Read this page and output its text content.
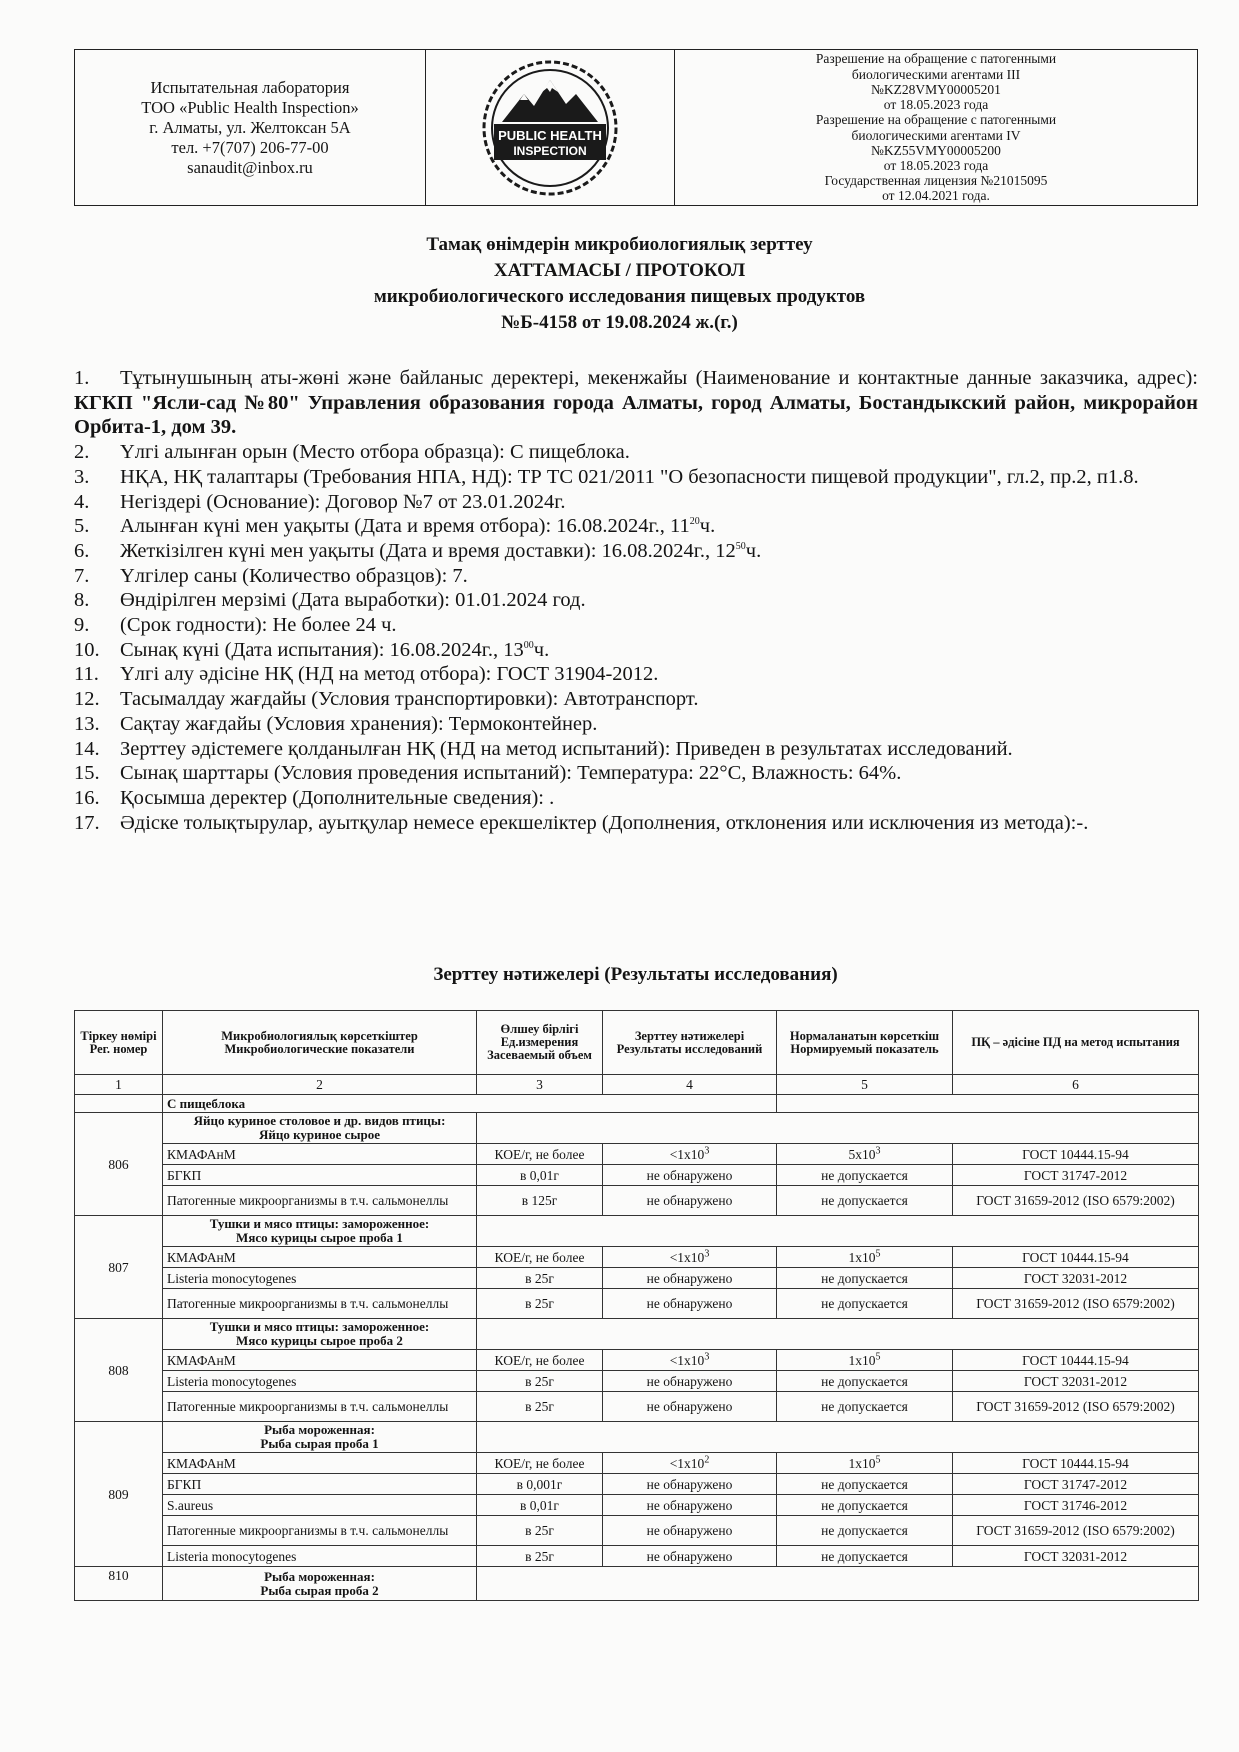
Испытательная лаборатория
ТОО «Public Health Inspection»
г. Алматы, ул. Желтоксан 5А
тел. +7(707) 206-77-00
sanaudit@inbox.ru
PUBLIC HEALTH
INSPECTION
Разрешение на обращение с патогенными
биологическими агентами III
№KZ28VMY00005201
от 18.05.2023 года
Разрешение на обращение с патогенными
биологическими агентами IV
№KZ55VMY00005200
от 18.05.2023 года
Государственная лицензия №21015095
от 12.04.2021 года.
Тамақ өнімдерін микробиологиялық зерттеу
ХАТТАМАСЫ / ПРОТОКОЛ
микробиологического исследования пищевых продуктов
№Б-4158 от 19.08.2024 ж.(г.)
1. Тұтынушының аты-жөні және байланыс деректері, мекенжайы (Наименование и контактные данные заказчика, адрес): КГКП "Ясли-сад №80" Управления образования города Алматы, город Алматы, Бостандыкский район, микрорайон Орбита-1, дом 39.
2. Үлгі алынған орын (Место отбора образца): С пищеблока.
3. НҚА, НҚ талаптары (Требования НПА, НД): ТР ТС 021/2011 "О безопасности пищевой продукции", гл.2, пр.2, п1.8.
4. Негiздерi (Основание): Договор №7 от 23.01.2024г.
5. Алынған күні мен уақыты (Дата и время отбора): 16.08.2024г., $11^{20}ч$.
6. Жеткізілген күні мен уақыты (Дата и время доставки): 16.08.2024г., $12^{50}ч$.
7. Үлгілер саны (Количество образцов): 7.
8. Өндірілген мерзімі (Дата выработки): 01.01.2024 год.
9. (Срок годности): Не более 24 ч.
10. Сынақ күні (Дата испытания): 16.08.2024г., $13^{00}ч$.
11. Үлгі алу әдісіне НҚ (НД на метод отбора): ГОСТ 31904-2012.
12. Тасымалдау жағдайы (Условия транспортировки): Автотранспорт.
13. Сақтау жағдайы (Условия хранения): Термоконтейнер.
14. Зерттеу әдістемеге қолданылған НҚ (НД на метод испытаний): Приведен в результатах исследований.
15. Сынақ шарттары (Условия проведения испытаний): Температура: 22°С, Влажность: 64%.
16. Қосымша деректер (Дополнительные сведения): .
17. Әдіске толықтырулар, ауытқулар немесе ерекшеліктер (Дополнения, отклонения или исключения из метода):-.
Зерттеу нәтижелері (Результаты исследования)
Тіркеу нөмірі Рег. номер	Микробиологиялық көрсеткіштер Микробиологические показатели	Өлшеу бірлігі Ед.измерения Засеваемый объем	Зерттеу нәтижелері Результаты исследований	Нормаланатын көрсеткіш Нормируемый показатель	ПҚ – әдісіне ПД на метод испытания
1	2	3	4	5	6
	С пищеблока				
806	Яйцо куриное столовое и др. видов птицы:
Яйцо куриное сырое				

	КМАФАнМ	КОЕ/г, не более	$<1x10^3$	$5x10^3$	ГОСТ 10444.15-94
	БГКП	в 0,01г	не обнаружено	не допускается	ГОСТ 31747-2012
	Патогенные микроорганизмы в т.ч. сальмонеллы	в 125г	не обнаружено	не допускается	ГОСТ 31659-2012 (ISO 6579:2002)
807	Тушки и мясо птицы: замороженное:
Мясо курицы сырое проба 1				

	КМАФАнМ	КОЕ/г, не более	$<1x10^3$	$1x10^5$	ГОСТ 10444.15-94
	Listeria monocytogenes	в 25г	не обнаружено	не допускается	ГОСТ 32031-2012
	Патогенные микроорганизмы в т.ч. сальмонеллы	в 25г	не обнаружено	не допускается	ГОСТ 31659-2012 (ISO 6579:2002)
808	Тушки и мясо птицы: замороженное:
Мясо курицы сырое проба 2				

	КМАФАнМ	КОЕ/г, не более	$<1x10^3$	$1x10^5$	ГОСТ 10444.15-94
	Listeria monocytogenes	в 25г	не обнаружено	не допускается	ГОСТ 32031-2012
	Патогенные микроорганизмы в т.ч. сальмонеллы	в 25г	не обнаружено	не допускается	ГОСТ 31659-2012 (ISO 6579:2002)
809	Рыба мороженная:
Рыба сырая проба 1				

	КМАФАнМ	КОЕ/г, не более	$<1x10^2$	$1x10^5$	ГОСТ 10444.15-94
	БГКП	в 0,001г	не обнаружено	не допускается	ГОСТ 31747-2012
	S.aureus	в 0,01г	не обнаружено	не допускается	ГОСТ 31746-2012
	Патогенные микроорганизмы в т.ч. сальмонеллы	в 25г	не обнаружено	не допускается	ГОСТ 31659-2012 (ISO 6579:2002)
	Listeria monocytogenes	в 25г	не обнаружено	не допускается	ГОСТ 32031-2012
810	Рыба мороженная:
Рыба сырая проба 2				
